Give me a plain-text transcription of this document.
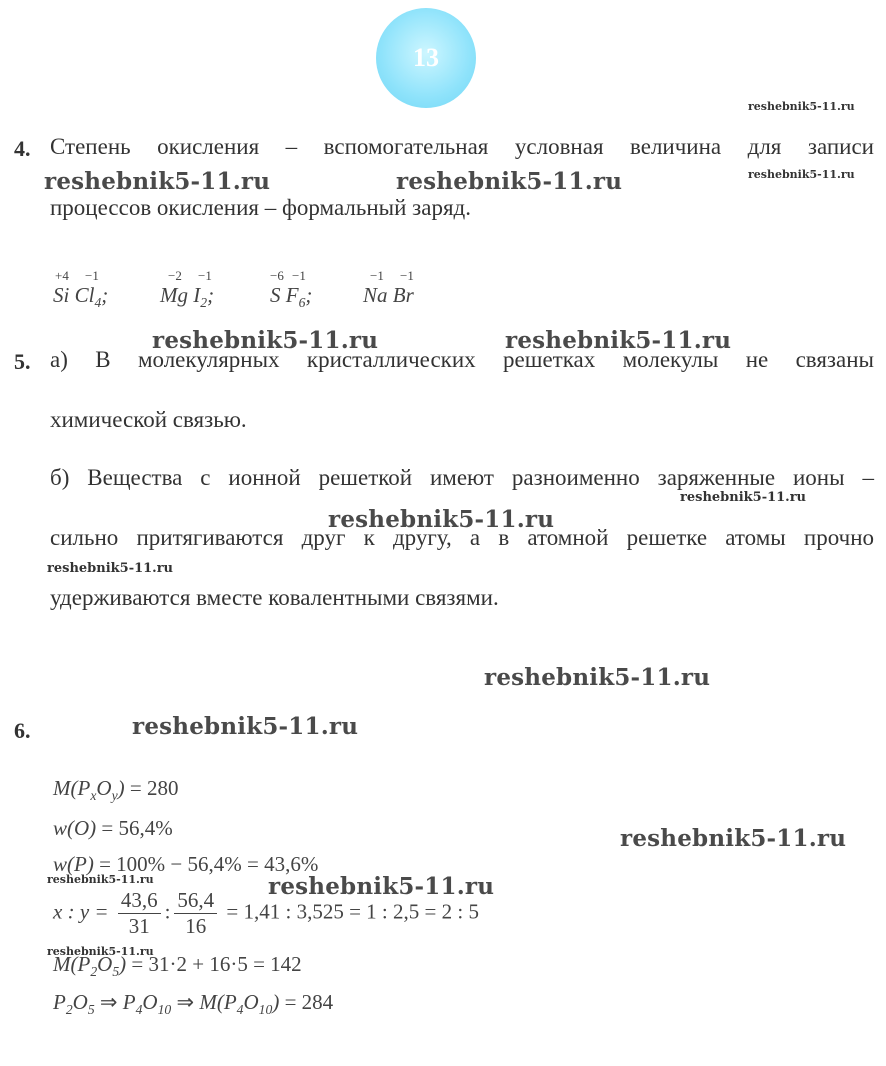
13
reshebnik5-11.ru
reshebnik5-11.ru
reshebnik5-11.ru	reshebnik5-11.ru
reshebnik5-11.ru	reshebnik5-11.ru
reshebnik5-11.ru
reshebnik5-11.ru
reshebnik5-11.ru
reshebnik5-11.ru
reshebnik5-11.ru
reshebnik5-11.ru
reshebnik5-11.ru	reshebnik5-11.ru
reshebnik5-11.ru
4. Степень окисления – вспомогательная условная величина для записи
процессов окисления – формальный заряд.
+4 −1
Si $Cl_4$;
−2 −1
Mg $I_2$;
−6 −1
S $F_6$;
−1 −1
Na Br
5. а) В молекулярных кристаллических решетках молекулы не связаны
химической связью.
б) Вещества с ионной решеткой имеют разноименно заряженные ионы –
сильно притягиваются друг к другу, а в атомной решетке атомы прочно
удерживаются вместе ковалентными связями.
6.
$M(P_xO_y) = 280$
w(O) = 56,4%
w(P) = 100% − 56,4% = 43,6%
x : $y = \frac{43,6}{31}$ : $\frac{56,4}{16} = 1,41$ : 3,525 = 1 : 2,5 = 2 : 5
$M(P_2O_5) = 31\cdot 2 + 16\cdot 5 = 142$
$P_2O_5$ ⇒ $P_4O_{10}$ ⇒ $M(P_4O_{10}) = 284$
